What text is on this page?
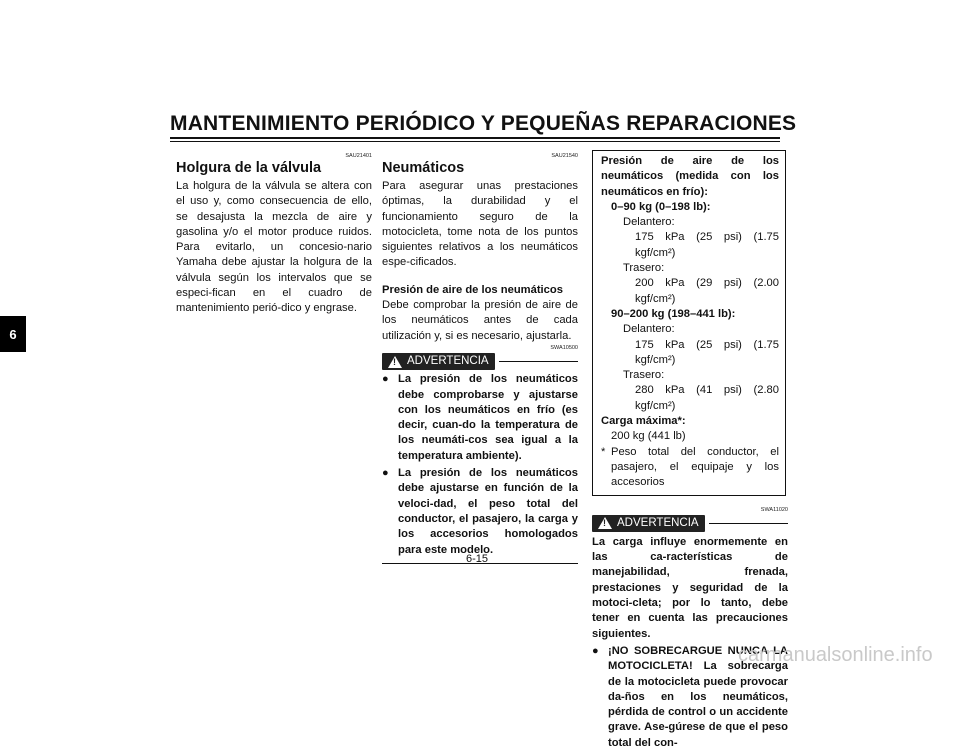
MANTENIMIENTO PERIÓDICO Y PEQUEÑAS REPARACIONES
6
SAU21401
Holgura de la válvula

La holgura de la válvula se altera con el uso y, como consecuencia de ello, se desajusta la mezcla de aire y gasolina y/o el motor produce ruidos. Para evitarlo, un concesio-nario Yamaha debe ajustar la holgura de la válvula según los intervalos que se especi-fican en el cuadro de mantenimiento perió-dico y engrase.

SAU21540
Neumáticos

Para asegurar unas prestaciones óptimas, la durabilidad y el funcionamiento seguro de la motocicleta, tome nota de los puntos siguientes relativos a los neumáticos espe-cificados.

Presión de aire de los neumáticos

Debe comprobar la presión de aire de los neumáticos antes de cada utilización y, si es necesario, ajustarla.

SWA10500
!
ADVERTENCIA
● La presión de los neumáticos debe comprobarse y ajustarse con los neumáticos en frío (es decir, cuan-do la temperatura de los neumáti-cos sea igual a la temperatura ambiente).
● La presión de los neumáticos debe ajustarse en función de la veloci-dad, el peso total del conductor, el pasajero, la carga y los accesorios homologados para este modelo.
Presión de aire de los neumáticos (medida con los neumáticos en frío):
0–90 kg (0–198 lb):
Delantero:
175 kPa (25 psi) (1.75 kgf/cm²)
Trasero:
200 kPa (29 psi) (2.00 kgf/cm²)
90–200 kg (198–441 lb):
Delantero:
175 kPa (25 psi) (1.75 kgf/cm²)
Trasero:
280 kPa (41 psi) (2.80 kgf/cm²)
Carga máxima*:
200 kg (441 lb)
* Peso total del conductor, el pasajero, el equipaje y los accesorios
SWA11020
!
ADVERTENCIA

La carga influye enormemente en las ca-racterísticas de manejabilidad, frenada, prestaciones y seguridad de la motoci-cleta; por lo tanto, debe tener en cuenta las precauciones siguientes.

● ¡NO SOBRECARGUE NUNCA LA MOTOCICLETA! La sobrecarga de la motocicleta puede provocar da-ños en los neumáticos, pérdida de control o un accidente grave. Ase-gúrese de que el peso total del con-
6-15
carmanualsonline.info
